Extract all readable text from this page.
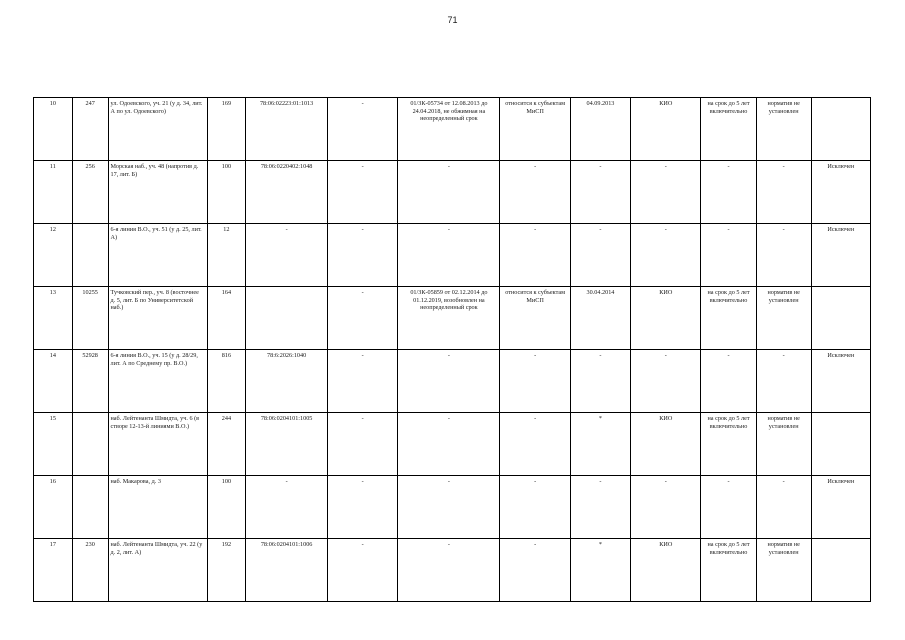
71
10	247	ул. Одоевского, уч. 21 (у д. 34, лит. А по ул. Одоевского)	169	78:06:02223:01:1013	-	01/ЗК-05734 от 12.08.2013 до 24.04.2018, не обжимная на неопределенный срок	относится к субъектам МиСП	04.09.2013	КИО	на срок до 5 лет включительно	норматив не установлен	
11	256	Морская наб., уч. 48 (напротив д. 17, лит. Б)	100	78:06:0220402:1048	-	-	-	-	-	-	-	Исключен
12		6-я линия В.О., уч. 51 (у д. 25, лит. А)	12	-	-	-	-	-	-	-	-	Исключен
13	10255	Тучковский пер., уч. 8 (восточнее д. 5, лит. Б по Университетской наб.)	164		-	01/ЗК-05859 от 02.12.2014 до 01.12.2019, возобновлен на неопределенный срок	относится к субъектам МиСП	30.04.2014	КИО	на срок до 5 лет включительно	норматив не установлен	
14	52928	6-я линия В.О., уч. 15 (у д. 28/29, лит. А по Среднему пр. В.О.)	816	78:6:2026:1040	-	-	-	-	-	-	-	Исключен
15		наб. Лейтенанта Шмидта, уч. 6 (в створе 12-13-й линиями В.О.)	244	78:06:0204101:1005	-	-	-	*	КИО	на срок до 5 лет включительно	норматив не установлен	
16		наб. Макарова, д. 3	100	-	-	-	-	-	-	-	-	Исключен
17	230	наб. Лейтенанта Шмидта, уч. 22 (у д. 2, лит. А)	192	78:06:0204101:1006	-	-	-	*	КИО	на срок до 5 лет включительно	норматив не установлен	
